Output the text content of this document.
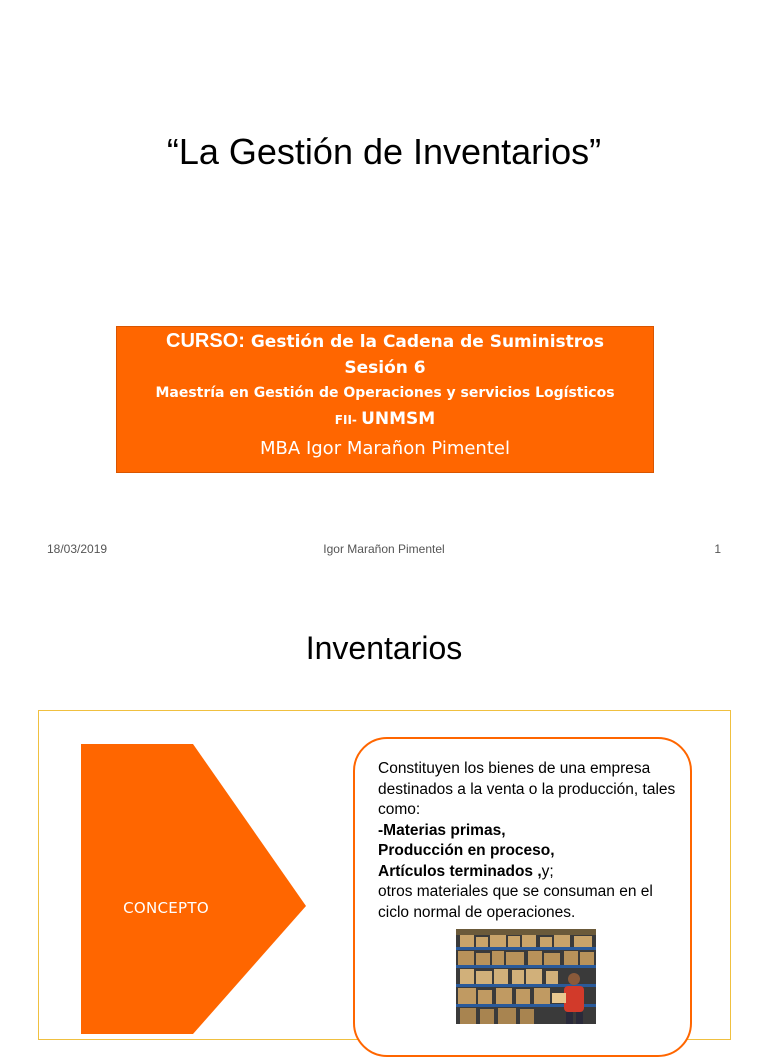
“La Gestión de Inventarios”
CURSO: Gestión de la Cadena de Suministros
Sesión 6
Maestría en Gestión de Operaciones y servicios Logísticos
FII- UNMSM
MBA Igor Marañon Pimentel
18/03/2019	Igor Marañon Pimentel	1
Inventarios
CONCEPTO
Constituyen los bienes de una empresa destinados a la venta o la producción, tales como:
-Materias primas,
Producción en proceso,
Artículos terminados ,y;
otros materiales que se consuman en el ciclo normal de operaciones.
